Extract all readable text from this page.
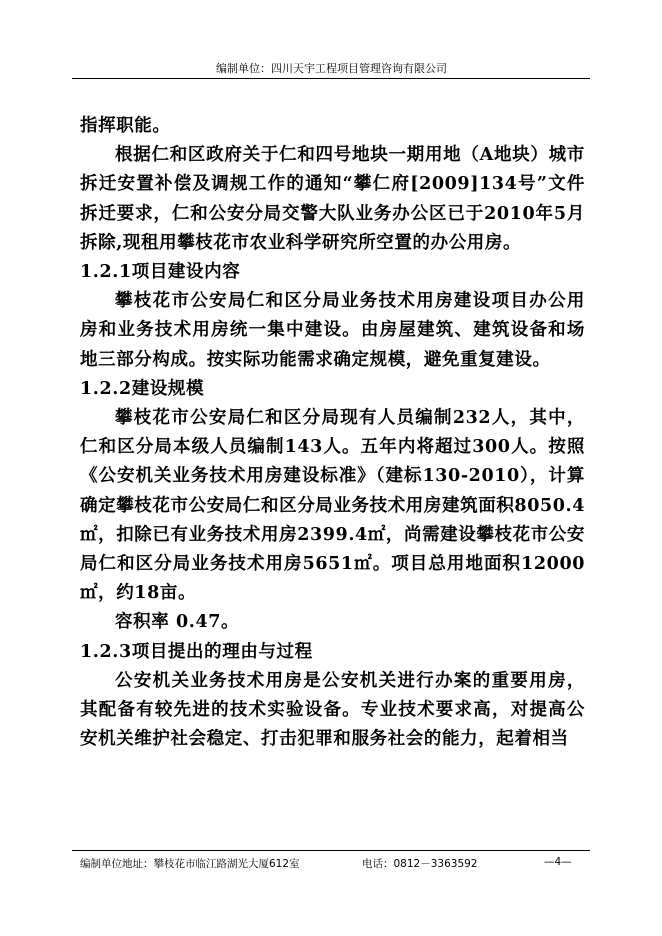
编制单位：四川天宇工程项目管理咨询有限公司

指挥职能。

根据仁和区政府关于仁和四号地块一期用地（A地块）城市拆迁安置补偿及调规工作的通知“攀仁府[2009]134号”文件拆迁要求，仁和公安分局交警大队业务办公区已于2010年5月拆除,现租用攀枝花市农业科学研究所空置的办公用房。

1.2.1项目建设内容

攀枝花市公安局仁和区分局业务技术用房建设项目办公用房和业务技术用房统一集中建设。由房屋建筑、建筑设备和场地三部分构成。按实际功能需求确定规模，避免重复建设。

1.2.2建设规模

攀枝花市公安局仁和区分局现有人员编制232人，其中，仁和区分局本级人员编制143人。五年内将超过300人。按照《公安机关业务技术用房建设标准》（建标130-2010），计算确定攀枝花市公安局仁和区分局业务技术用房建筑面积8050.4㎡，扣除已有业务技术用房2399.4㎡，尚需建设攀枝花市公安局仁和区分局业务技术用房5651㎡。项目总用地面积12000㎡，约18亩。

容积率 0.47。

1.2.3项目提出的理由与过程

公安机关业务技术用房是公安机关进行办案的重要用房，其配备有较先进的技术实验设备。专业技术要求高，对提高公安机关维护社会稳定、打击犯罪和服务社会的能力，起着相当

编制单位地址：攀枝花市临江路湖光大厦612室	电话：0812－3363592	—4—
